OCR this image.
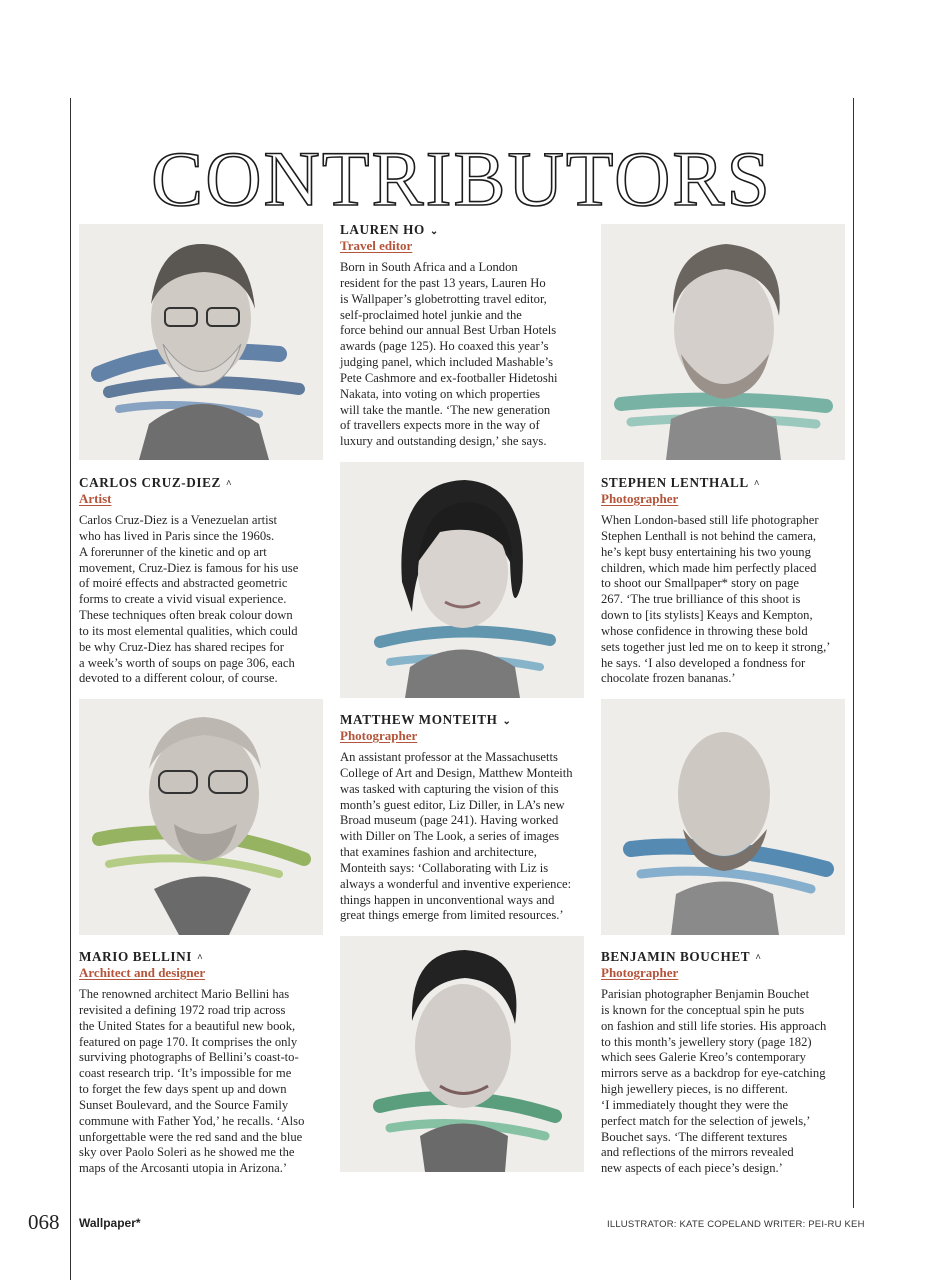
CONTRIBUTORS
LAUREN HO ⌄
Travel editor

Born in South Africa and a London
resident for the past 13 years, Lauren Ho
is Wallpaper’s globetrotting travel editor,
self-proclaimed hotel junkie and the
force behind our annual Best Urban Hotels
awards (page 125). Ho coaxed this year’s
judging panel, which included Mashable’s
Pete Cashmore and ex-footballer Hidetoshi
Nakata, into voting on which properties
will take the mantle. ‘The new generation
of travellers expects more in the way of
luxury and outstanding design,’ she says.

CARLOS CRUZ-DIEZ ^
Artist

Carlos Cruz-Diez is a Venezuelan artist
who has lived in Paris since the 1960s.
A forerunner of the kinetic and op art
movement, Cruz-Diez is famous for his use
of moiré effects and abstracted geometric
forms to create a vivid visual experience.
These techniques often break colour down
to its most elemental qualities, which could
be why Cruz-Diez has shared recipes for
a week’s worth of soups on page 306, each
devoted to a different colour, of course.

STEPHEN LENTHALL ^
Photographer

When London-based still life photographer
Stephen Lenthall is not behind the camera,
he’s kept busy entertaining his two young
children, which made him perfectly placed
to shoot our Smallpaper* story on page
267. ‘The true brilliance of this shoot is
down to [its stylists] Keays and Kempton,
whose confidence in throwing these bold
sets together just led me on to keep it strong,’
he says. ‘I also developed a fondness for
chocolate frozen bananas.’

MATTHEW MONTEITH ⌄
Photographer

An assistant professor at the Massachusetts
College of Art and Design, Matthew Monteith
was tasked with capturing the vision of this
month’s guest editor, Liz Diller, in LA’s new
Broad museum (page 241). Having worked
with Diller on The Look, a series of images
that examines fashion and architecture,
Monteith says: ‘Collaborating with Liz is
always a wonderful and inventive experience:
things happen in unconventional ways and
great things emerge from limited resources.’

MARIO BELLINI ^
Architect and designer

The renowned architect Mario Bellini has
revisited a defining 1972 road trip across
the United States for a beautiful new book,
featured on page 170. It comprises the only
surviving photographs of Bellini’s coast-to-
coast research trip. ‘It’s impossible for me
to forget the few days spent up and down
Sunset Boulevard, and the Source Family
commune with Father Yod,’ he recalls. ‘Also
unforgettable were the red sand and the blue
sky over Paolo Soleri as he showed me the
maps of the Arcosanti utopia in Arizona.’

BENJAMIN BOUCHET ^
Photographer

Parisian photographer Benjamin Bouchet
is known for the conceptual spin he puts
on fashion and still life stories. His approach
to this month’s jewellery story (page 182)
which sees Galerie Kreo’s contemporary
mirrors serve as a backdrop for eye-catching
high jewellery pieces, is no different.
‘I immediately thought they were the
perfect match for the selection of jewels,’
Bouchet says. ‘The different textures
and reflections of the mirrors revealed
new aspects of each piece’s design.’

068 Wallpaper*	ILLUSTRATOR: KATE COPELAND WRITER: PEI-RU KEH
